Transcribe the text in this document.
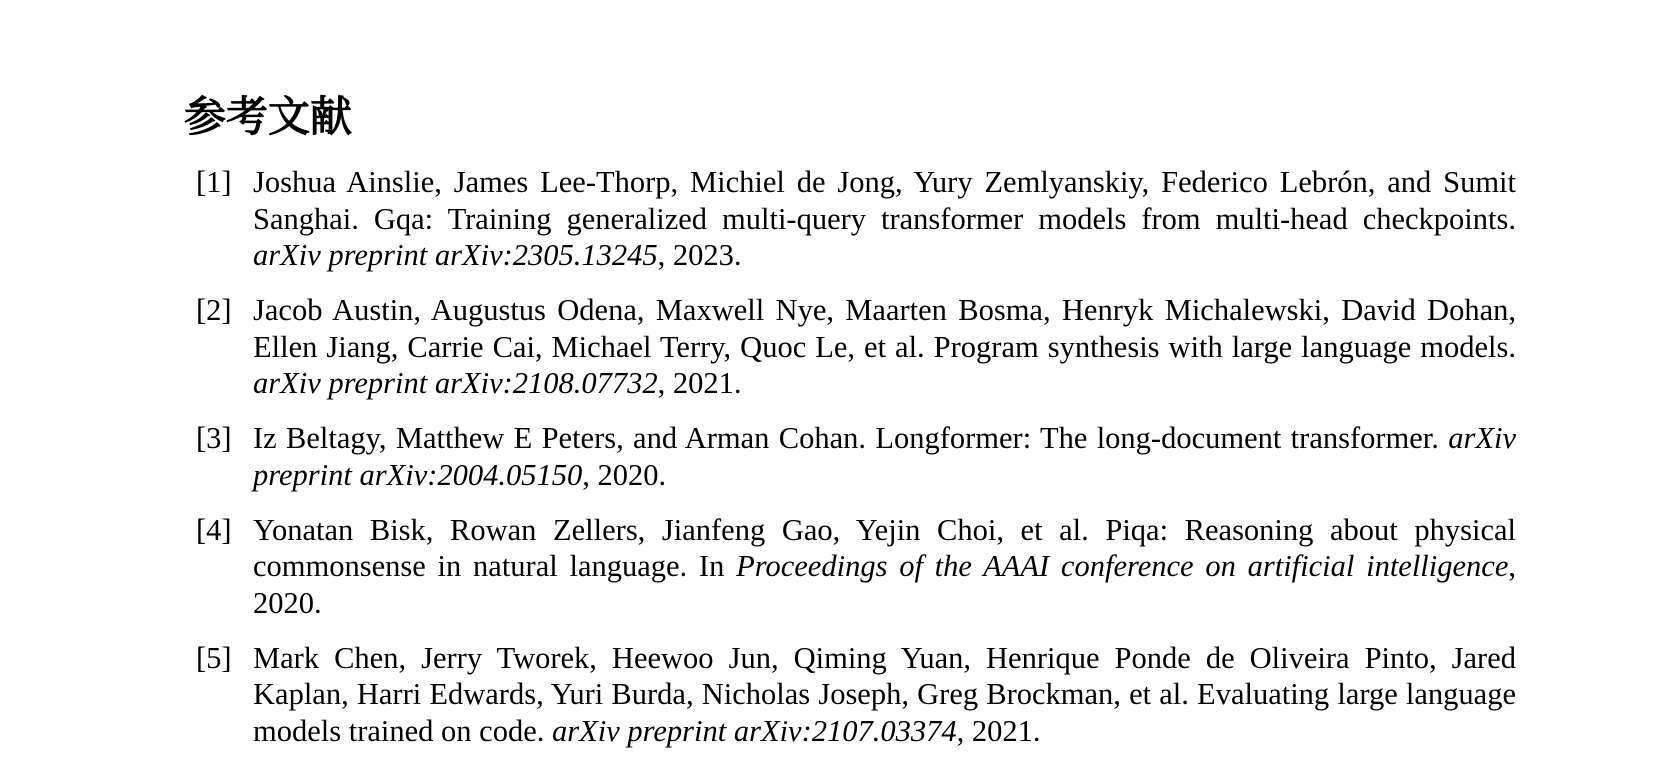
参考文献
[1] Joshua Ainslie, James Lee-Thorp, Michiel de Jong, Yury Zemlyanskiy, Federico Lebrón, and Sumit Sanghai. Gqa: Training generalized multi-query transformer models from multi-head checkpoints. arXiv preprint arXiv:2305.13245, 2023.
[2] Jacob Austin, Augustus Odena, Maxwell Nye, Maarten Bosma, Henryk Michalewski, David Dohan, Ellen Jiang, Carrie Cai, Michael Terry, Quoc Le, et al. Program synthesis with large language models. arXiv preprint arXiv:2108.07732, 2021.
[3] Iz Beltagy, Matthew E Peters, and Arman Cohan. Longformer: The long-document transformer. arXiv preprint arXiv:2004.05150, 2020.
[4] Yonatan Bisk, Rowan Zellers, Jianfeng Gao, Yejin Choi, et al. Piqa: Reasoning about physical commonsense in natural language. In Proceedings of the AAAI conference on artificial intelligence, 2020.
[5] Mark Chen, Jerry Tworek, Heewoo Jun, Qiming Yuan, Henrique Ponde de Oliveira Pinto, Jared Kaplan, Harri Edwards, Yuri Burda, Nicholas Joseph, Greg Brockman, et al. Evaluating large language models trained on code. arXiv preprint arXiv:2107.03374, 2021.
